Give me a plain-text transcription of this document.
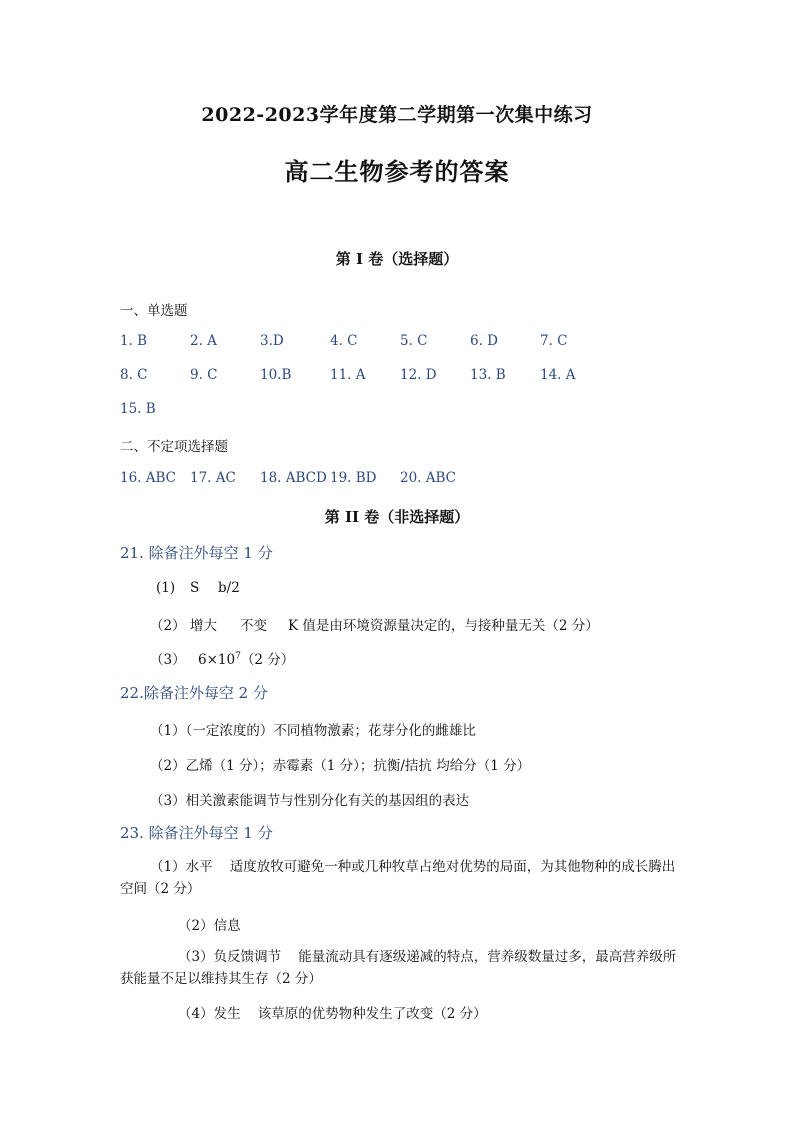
2022-2023学年度第二学期第一次集中练习
高二生物参考的答案
第 I 卷（选择题）
一、单选题
1. B	2. A	3.D	4. C	5. C	6. D	7. C
8. C	9. C	10.B	11. A	12. D 13. B	14. A
15. B
二、不定项选择题
16. ABC 17. AC 18. ABCD 19. BD 20. ABC
第 II 卷（非选择题）
21. 除备注外每空 1 分
(1) S b/2
（2） 增大 不变 K 值是由环境资源量决定的，与接种量无关（2 分）
（3） $6\times 10^7(2$ 分）
22.除备注外每空 2 分
（1）（一定浓度的）不同植物激素；花芽分化的雌雄比
（2）乙烯（1 分）；赤霉素（1 分）；抗衡/拮抗 均给分（1 分）
（3）相关激素能调节与性别分化有关的基因组的表达
23. 除备注外每空 1 分
（1）水平 适度放牧可避免一种或几种牧草占绝对优势的局面，为其他物种的成长腾出空间（2 分）
（2）信息
（3）负反馈调节 能量流动具有逐级递减的特点，营养级数量过多，最高营养级所获能量不足以维持其生存（2 分）
（4）发生 该草原的优势物种发生了改变（2 分）
